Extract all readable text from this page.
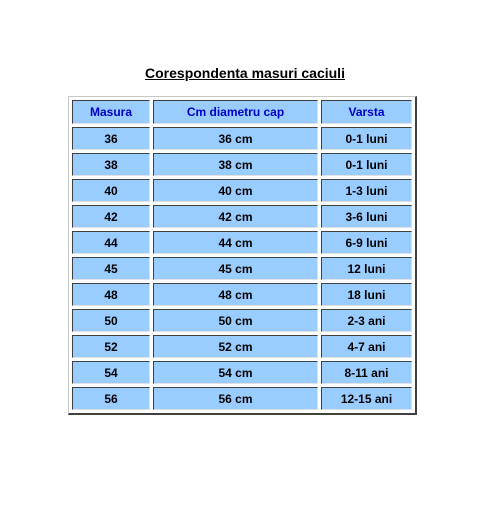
Corespondenta masuri caciuli
Masura	Cm diametru cap	Varsta
36	36 cm	0-1 luni
38	38 cm	0-1 luni
40	40 cm	1-3 luni
42	42 cm	3-6 luni
44	44 cm	6-9 luni
45	45 cm	12 luni
48	48 cm	18 luni
50	50 cm	2-3 ani
52	52 cm	4-7 ani
54	54 cm	8-11 ani
56	56 cm	12-15 ani
